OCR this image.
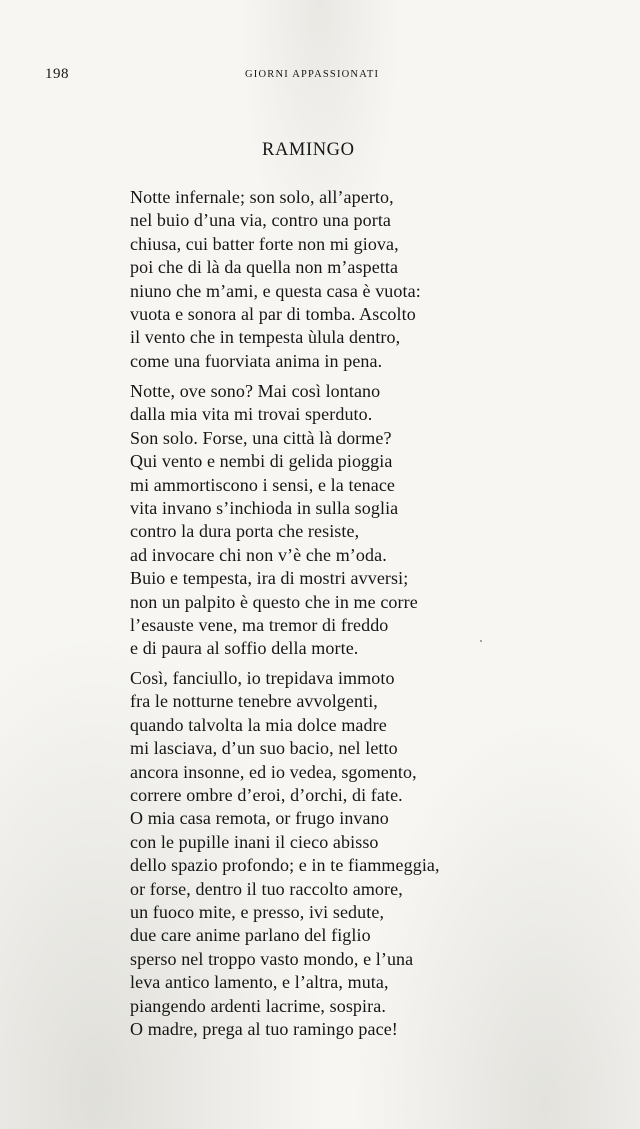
198	GIORNI APPASSIONATI
RAMINGO
Notte infernale; son solo, all’aperto,
nel buio d’una via, contro una porta
chiusa, cui batter forte non mi giova,
poi che di là da quella non m’aspetta
niuno che m’ami, e questa casa è vuota:
vuota e sonora al par di tomba. Ascolto
il vento che in tempesta ùlula dentro,
come una fuorviata anima in pena.
Notte, ove sono? Mai così lontano
dalla mia vita mi trovai sperduto.
Son solo. Forse, una città là dorme?
Qui vento e nembi di gelida pioggia
mi ammortiscono i sensi, e la tenace
vita invano s’inchioda in sulla soglia
contro la dura porta che resiste,
ad invocare chi non v’è che m’oda.
Buio e tempesta, ira di mostri avversi;
non un palpito è questo che in me corre
l’esauste vene, ma tremor di freddo
e di paura al soffio della morte.
Così, fanciullo, io trepidava immoto
fra le notturne tenebre avvolgenti,
quando talvolta la mia dolce madre
mi lasciava, d’un suo bacio, nel letto
ancora insonne, ed io vedea, sgomento,
correre ombre d’eroi, d’orchi, di fate.
O mia casa remota, or frugo invano
con le pupille inani il cieco abisso
dello spazio profondo; e in te fiammeggia,
or forse, dentro il tuo raccolto amore,
un fuoco mite, e presso, ivi sedute,
due care anime parlano del figlio
sperso nel troppo vasto mondo, e l’una
leva antico lamento, e l’altra, muta,
piangendo ardenti lacrime, sospira.
O madre, prega al tuo ramingo pace!
